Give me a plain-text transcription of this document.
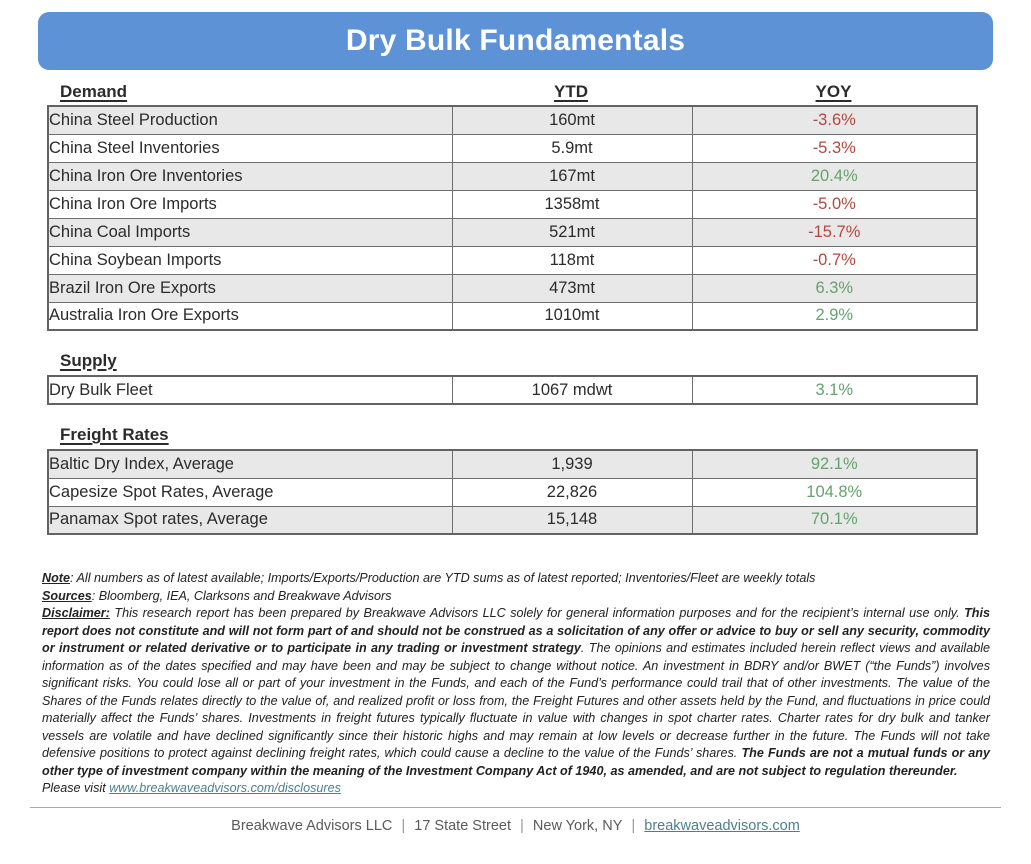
Dry Bulk Fundamentals
Demand	YTD	YOY
China Steel Production	160mt	-3.6%
China Steel Inventories	5.9mt	-5.3%
China Iron Ore Inventories	167mt	20.4%
China Iron Ore Imports	1358mt	-5.0%
China Coal Imports	521mt	-15.7%
China Soybean Imports	118mt	-0.7%
Brazil Iron Ore Exports	473mt	6.3%
Australia Iron Ore Exports	1010mt	2.9%
Supply
Dry Bulk Fleet	1067 mdwt	3.1%
Freight Rates
Baltic Dry Index, Average	1,939	92.1%
Capesize Spot Rates, Average	22,826	104.8%
Panamax Spot rates, Average	15,148	70.1%
Note: All numbers as of latest available; Imports/Exports/Production are YTD sums as of latest reported; Inventories/Fleet are weekly totals
Sources: Bloomberg, IEA, Clarksons and Breakwave Advisors
Disclaimer: This research report has been prepared by Breakwave Advisors LLC solely for general information purposes and for the recipient’s internal use only. This report does not constitute and will not form part of and should not be construed as a solicitation of any offer or advice to buy or sell any security, commodity or instrument or related derivative or to participate in any trading or investment strategy. The opinions and estimates included herein reflect views and available information as of the dates specified and may have been and may be subject to change without notice. An investment in BDRY and/or BWET (“the Funds”) involves significant risks. You could lose all or part of your investment in the Funds, and each of the Fund’s performance could trail that of other investments. The value of the Shares of the Funds relates directly to the value of, and realized profit or loss from, the Freight Futures and other assets held by the Fund, and fluctuations in price could materially affect the Funds’ shares. Investments in freight futures typically fluctuate in value with changes in spot charter rates. Charter rates for dry bulk and tanker vessels are volatile and have declined significantly since their historic highs and may remain at low levels or decrease further in the future. The Funds will not take defensive positions to protect against declining freight rates, which could cause a decline to the value of the Funds’ shares. The Funds are not a mutual funds or any other type of investment company within the meaning of the Investment Company Act of 1940, as amended, and are not subject to regulation thereunder.
Please visit www.breakwaveadvisors.com/disclosures
Breakwave Advisors LLC | 17 State Street | New York, NY | breakwaveadvisors.com
